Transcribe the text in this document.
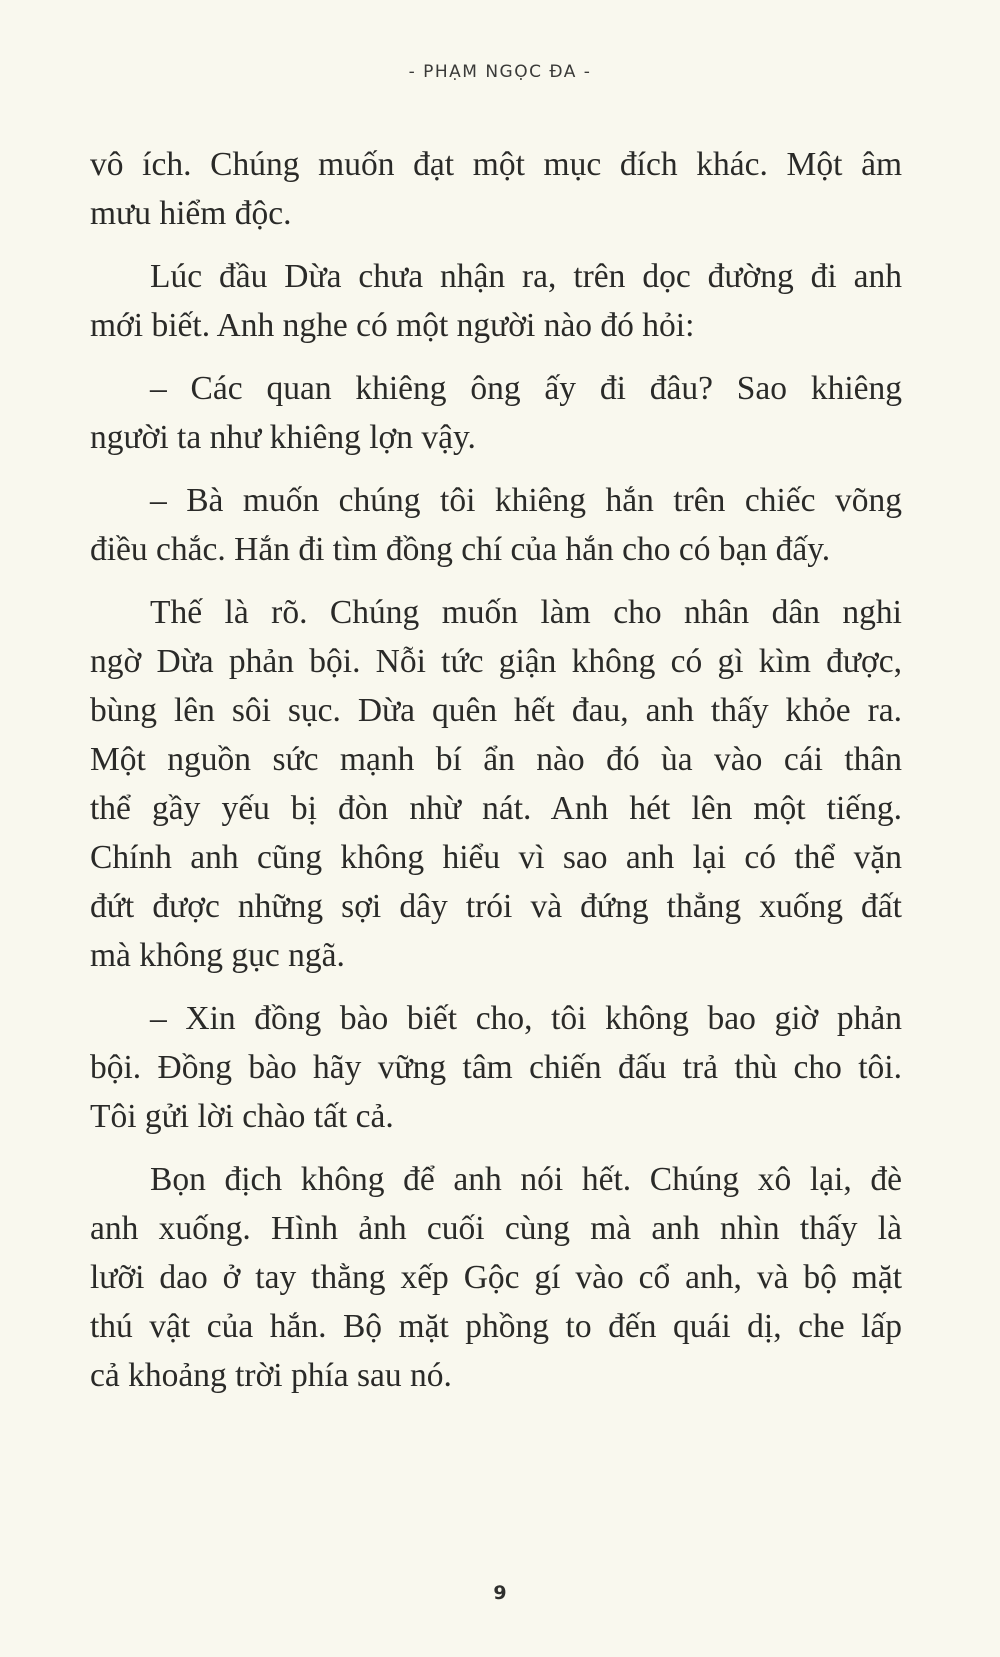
- PHẠM NGỌC ĐA -
vô ích. Chúng muốn đạt một mục đích khác. Một âm
mưu hiểm độc.
Lúc đầu Dừa chưa nhận ra, trên dọc đường đi anh
mới biết. Anh nghe có một người nào đó hỏi:
– Các quan khiêng ông ấy đi đâu? Sao khiêng
người ta như khiêng lợn vậy.
– Bà muốn chúng tôi khiêng hắn trên chiếc võng
điều chắc. Hắn đi tìm đồng chí của hắn cho có bạn đấy.
Thế là rõ. Chúng muốn làm cho nhân dân nghi
ngờ Dừa phản bội. Nỗi tức giận không có gì kìm được,
bùng lên sôi sục. Dừa quên hết đau, anh thấy khỏe ra.
Một nguồn sức mạnh bí ẩn nào đó ùa vào cái thân
thể gầy yếu bị đòn nhừ nát. Anh hét lên một tiếng.
Chính anh cũng không hiểu vì sao anh lại có thể vặn
đứt được những sợi dây trói và đứng thẳng xuống đất
mà không gục ngã.
– Xin đồng bào biết cho, tôi không bao giờ phản
bội. Đồng bào hãy vững tâm chiến đấu trả thù cho tôi.
Tôi gửi lời chào tất cả.
Bọn địch không để anh nói hết. Chúng xô lại, đè
anh xuống. Hình ảnh cuối cùng mà anh nhìn thấy là
lưỡi dao ở tay thằng xếp Gộc gí vào cổ anh, và bộ mặt
thú vật của hắn. Bộ mặt phồng to đến quái dị, che lấp
cả khoảng trời phía sau nó.
9
